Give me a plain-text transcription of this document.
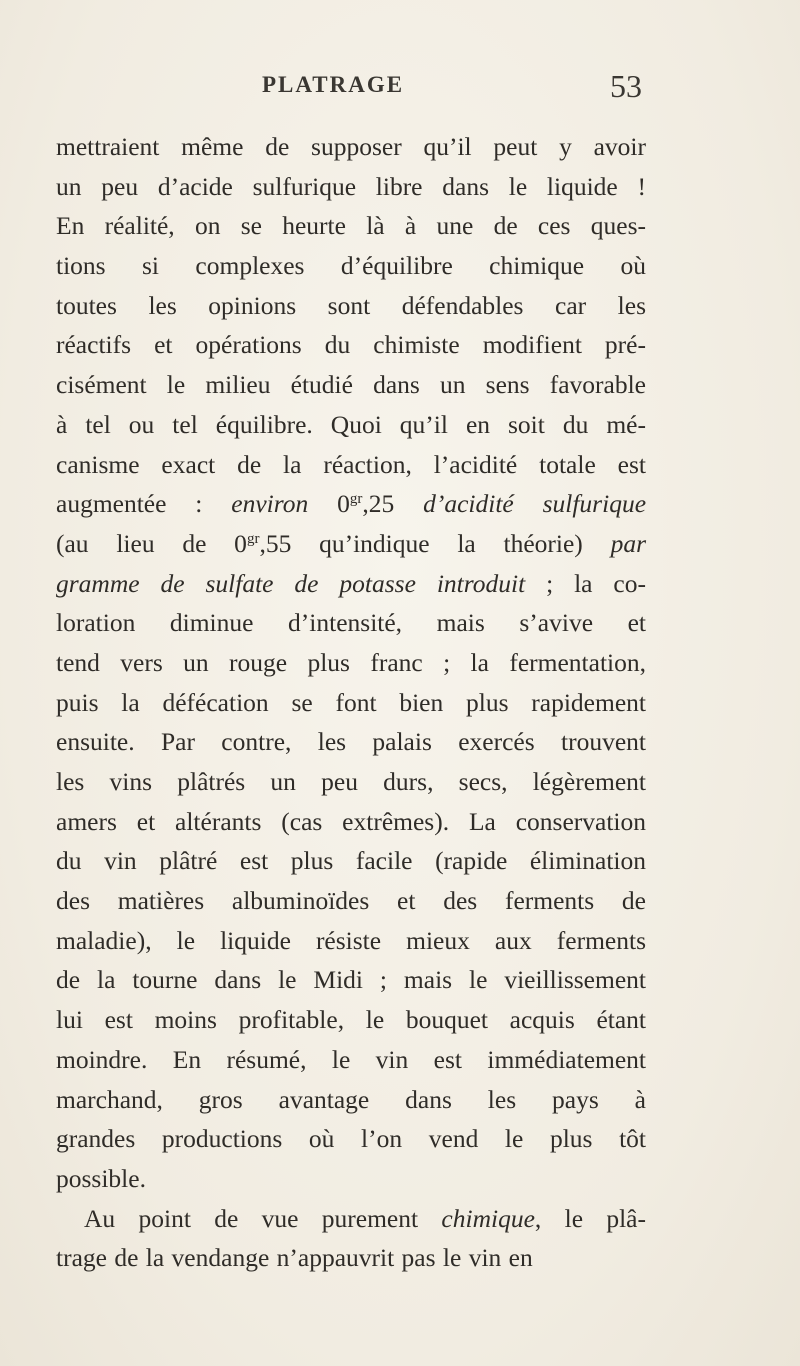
PLATRAGE	53
mettraient même de supposer qu’il peut y avoir
un peu d’acide sulfurique libre dans le liquide !
En réalité, on se heurte là à une de ces ques-
tions si complexes d’équilibre chimique où
toutes les opinions sont défendables car les
réactifs et opérations du chimiste modifient pré-
cisément le milieu étudié dans un sens favorable
à tel ou tel équilibre. Quoi qu’il en soit du mé-
canisme exact de la réaction, l’acidité totale est
augmentée : environ $0^{gr},25$ d’acidité sulfurique
(au lieu de $0^{gr},55$ qu’indique la théorie) par
gramme de sulfate de potasse introduit ; la co-
loration diminue d’intensité, mais s’avive et
tend vers un rouge plus franc ; la fermentation,
puis la défécation se font bien plus rapidement
ensuite. Par contre, les palais exercés trouvent
les vins plâtrés un peu durs, secs, légèrement
amers et altérants (cas extrêmes). La conservation
du vin plâtré est plus facile (rapide élimination
des matières albuminoïdes et des ferments de
maladie), le liquide résiste mieux aux ferments
de la tourne dans le Midi ; mais le vieillissement
lui est moins profitable, le bouquet acquis étant
moindre. En résumé, le vin est immédiatement
marchand, gros avantage dans les pays à
grandes productions où l’on vend le plus tôt
possible.
Au point de vue purement chimique, le plâ-
trage de la vendange n’appauvrit pas le vin en
